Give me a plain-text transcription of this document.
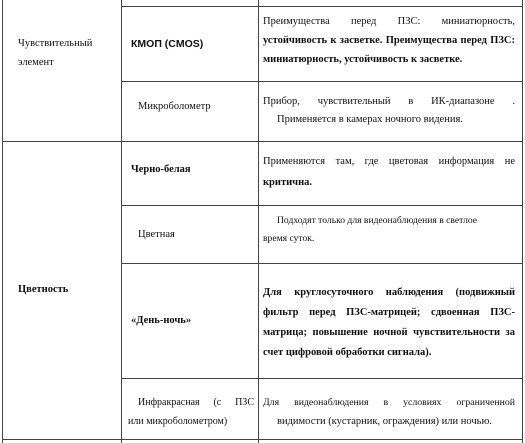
Чувствительный элемент
КМОП (CMOS)
Преимущества перед ПЗС: миниатюрность,
устойчивость к засветке. Преимущества перед ПЗС:
миниатюрность, устойчивость к засветке.
Микроболометр	Прибор, чувствительный в ИК-диапазоне .
Применяется в камерах ночного видения.
Цветность
Черно-белая
Применяются там, где цветовая информация не
критична.
Цветная
Подходят только для видеонаблюдения в светлое
время суток.
«День-ночь»
Для круглосуточного наблюдения (подвижный
фильтр перед ПЗС-матрицей; сдвоенная ПЗС-
матрица; повышение ночной чувствительности за
счет цифровой обработки сигнала).
Инфракрасная (с ПЗС
или микроболометром)
Для видеонаблюдения в условиях ограниченной
видимости (кустарник, ограждения) или ночью.
